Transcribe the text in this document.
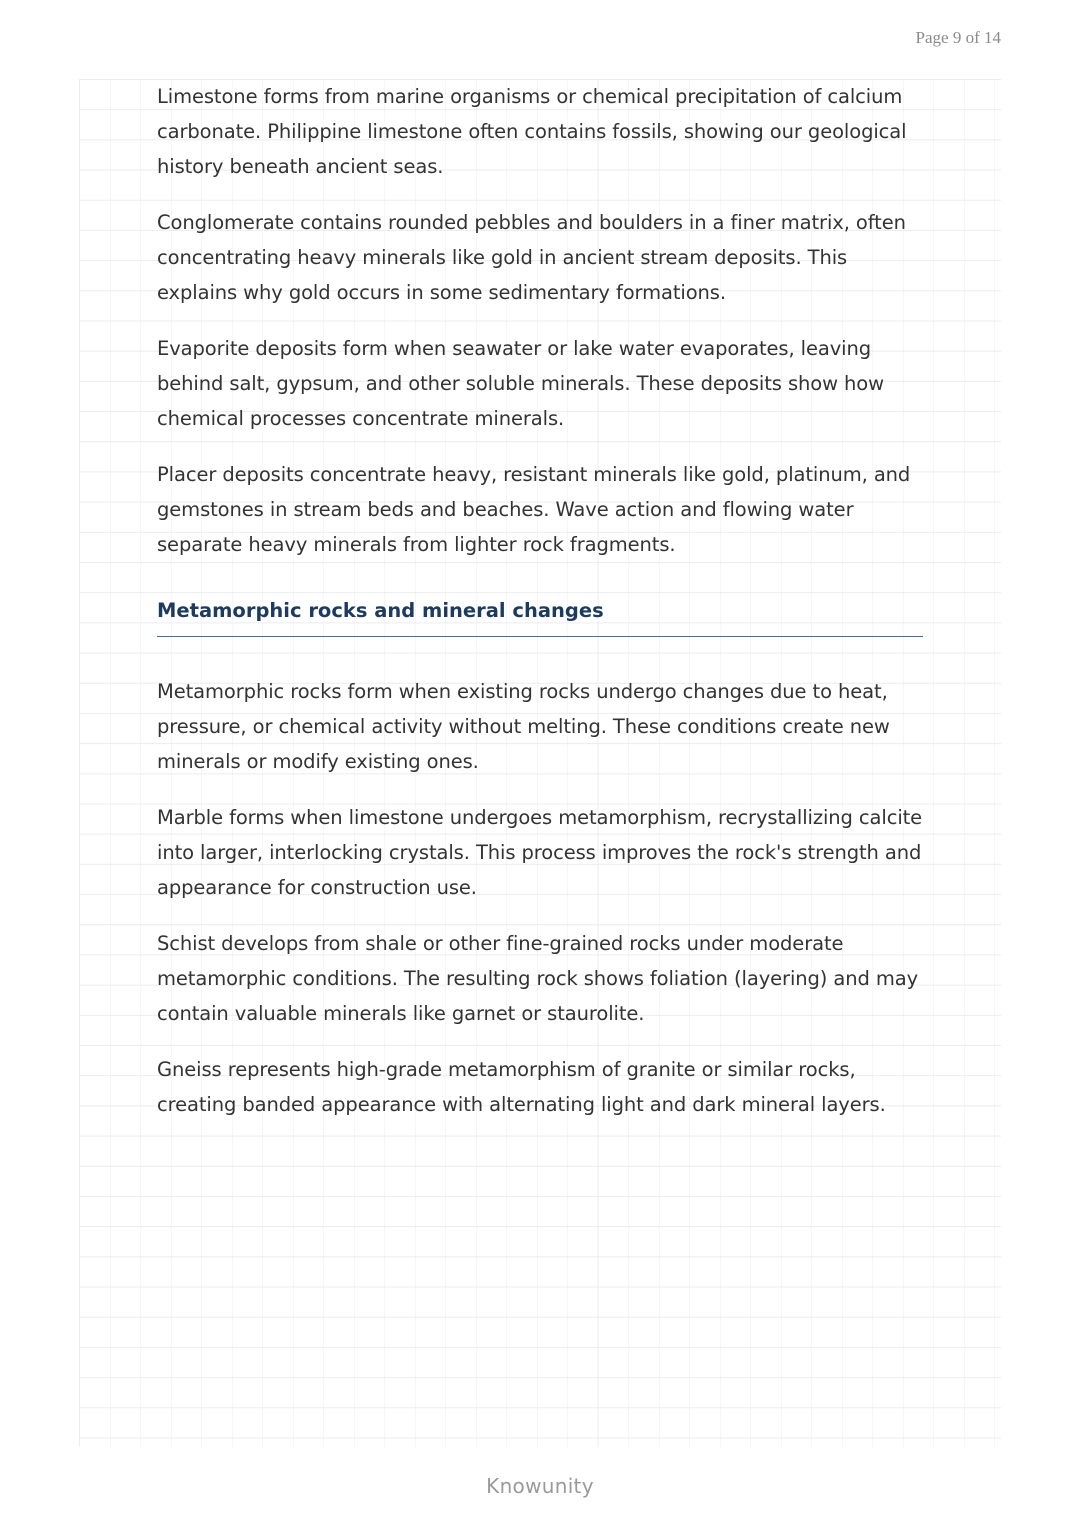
Page 9 of 14

Limestone forms from marine organisms or chemical precipitation of calcium carbonate. Philippine limestone often contains fossils, showing our geological history beneath ancient seas.

Conglomerate contains rounded pebbles and boulders in a finer matrix, often concentrating heavy minerals like gold in ancient stream deposits. This explains why gold occurs in some sedimentary formations.

Evaporite deposits form when seawater or lake water evaporates, leaving behind salt, gypsum, and other soluble minerals. These deposits show how chemical processes concentrate minerals.

Placer deposits concentrate heavy, resistant minerals like gold, platinum, and gemstones in stream beds and beaches. Wave action and flowing water separate heavy minerals from lighter rock fragments.

Metamorphic rocks and mineral changes

Metamorphic rocks form when existing rocks undergo changes due to heat, pressure, or chemical activity without melting. These conditions create new minerals or modify existing ones.

Marble forms when limestone undergoes metamorphism, recrystallizing calcite into larger, interlocking crystals. This process improves the rock's strength and appearance for construction use.

Schist develops from shale or other fine-grained rocks under moderate metamorphic conditions. The resulting rock shows foliation (layering) and may contain valuable minerals like garnet or staurolite.

Gneiss represents high-grade metamorphism of granite or similar rocks, creating banded appearance with alternating light and dark mineral layers.

Knowunity
